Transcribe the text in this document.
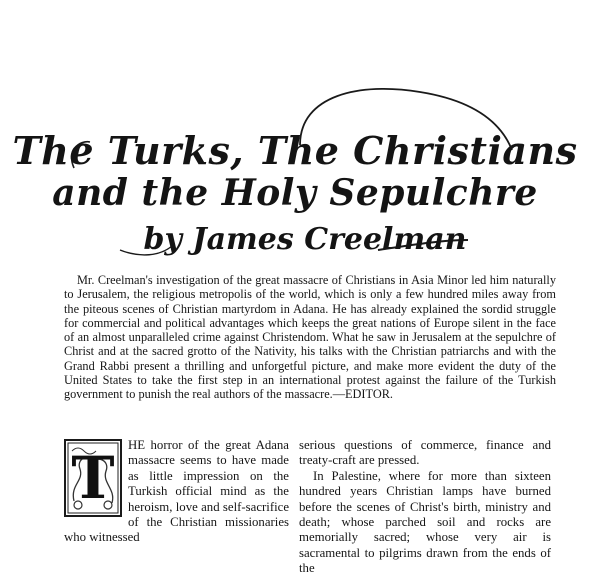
The Turks, The Christians
and the Holy Sepulchre
by James Creelman

Mr. Creelman's investigation of the great massacre of Christians in Asia Minor led him naturally to Jerusalem, the religious metropolis of the world, which is only a few hundred miles away from the piteous scenes of Christian martyrdom in Adana. He has already explained the sordid struggle for commercial and political advantages which keeps the great nations of Europe silent in the face of an almost unparalleled crime against Christendom. What he saw in Jerusalem at the sepulchre of Christ and at the sacred grotto of the Nativity, his talks with the Christian patriarchs and with the Grand Rabbi present a thrilling and unforgetful picture, and make more evident the duty of the United States to take the first step in an international protest against the failure of the Turkish government to punish the real authors of the massacre.—EDITOR.

T	HE horror of the great Adana massacre seems to have made as little impression on the Turkish official mind as the heroism, love and self-sacrifice of the Christian missionaries who witnessed

serious questions of commerce, finance and treaty-craft are pressed.

In Palestine, where for more than sixteen hundred years Christian lamps have burned before the scenes of Christ's birth, ministry and death; whose parched soil and rocks are memorially sacred; whose very air is sacramental to pilgrims drawn from the ends of the
